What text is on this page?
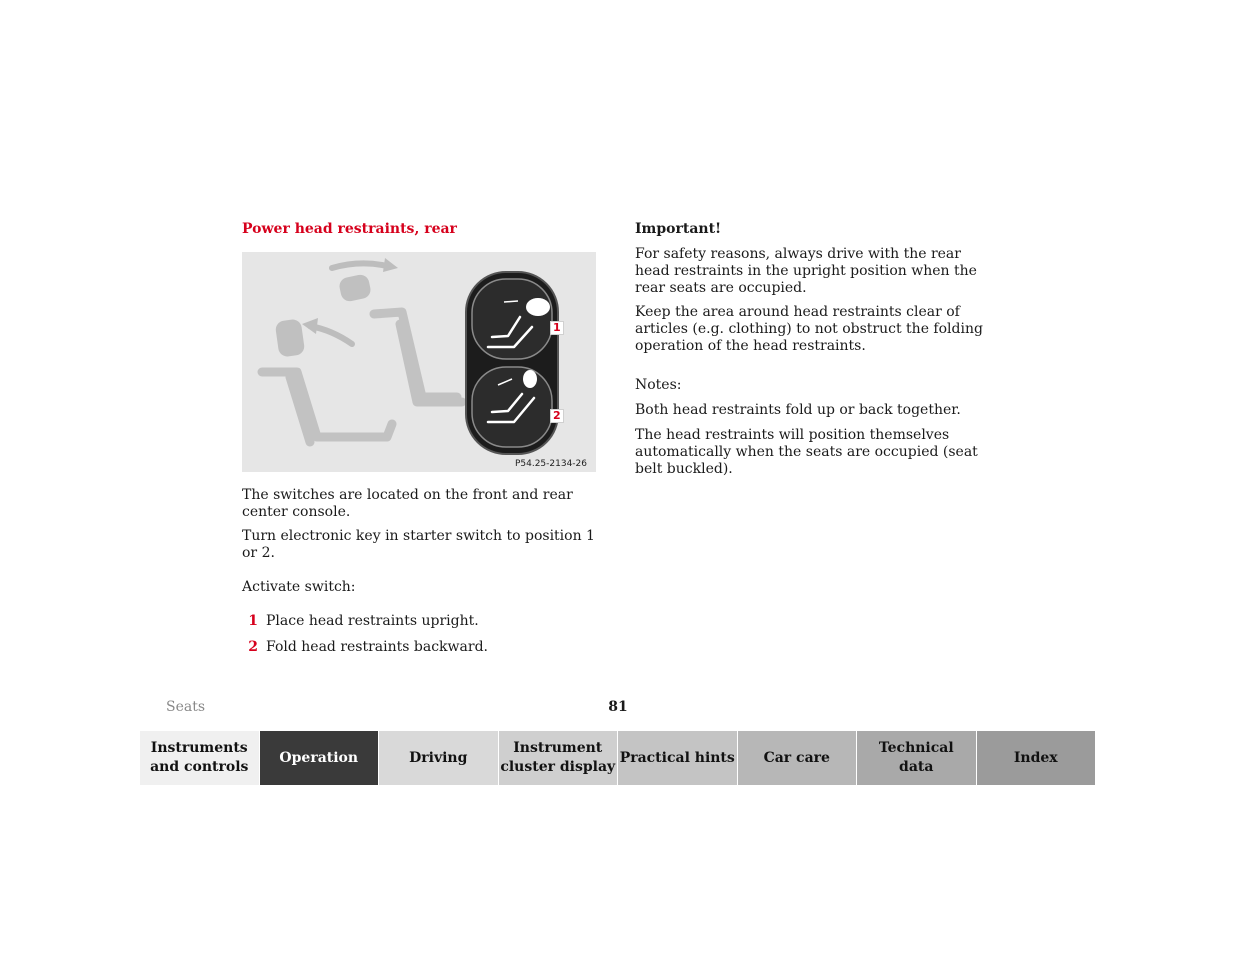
Power head restraints, rear
1
2
P54.25-2134-26

The switches are located on the front and rear center console.

Turn electronic key in starter switch to position 1 or 2.

Activate switch:

1 Place head restraints upright.
2 Fold head restraints backward.
Important!

For safety reasons, always drive with the rear head restraints in the upright position when the rear seats are occupied.

Keep the area around head restraints clear of articles (e.g. clothing) to not obstruct the folding operation of the head restraints.

Notes:

Both head restraints fold up or back together.

The head restraints will position themselves automatically when the seats are occupied (seat belt buckled).

Seats	81
Instruments
and controls
Operation	Driving
Instrument
cluster display
Practical hints Car care
Technical
data
Index
